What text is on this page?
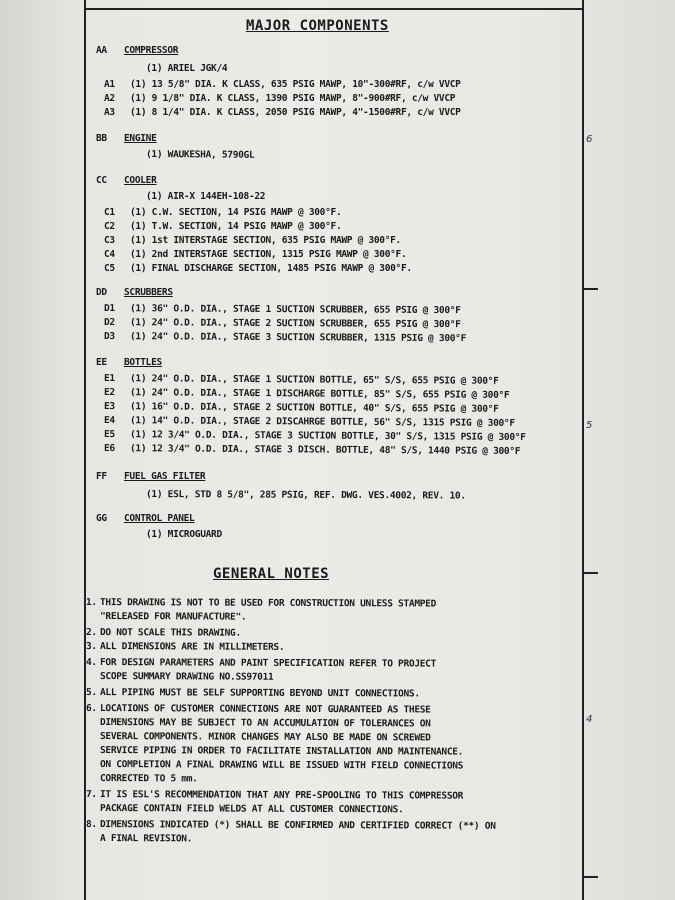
6
5
4
MAJOR COMPONENTS
GENERAL NOTES
AA COMPRESSOR
(1) ARIEL JGK/4
A1 (1) 13 5/8" DIA. K CLASS, 635 PSIG MAWP, 10"-300#RF, c/w VVCP
A2 (1) 9 1/8" DIA. K CLASS, 1390 PSIG MAWP, 8"-900#RF, c/w VVCP
A3 (1) 8 1/4" DIA. K CLASS, 2050 PSIG MAWP, 4"-1500#RF, c/w VVCP
BB ENGINE
(1) WAUKESHA, 5790GL
CC COOLER
(1) AIR-X 144EH-108-22
C1 (1) C.W. SECTION, 14 PSIG MAWP @ 300°F.
C2 (1) T.W. SECTION, 14 PSIG MAWP @ 300°F.
C3 (1) 1st INTERSTAGE SECTION, 635 PSIG MAWP @ 300°F.
C4 (1) 2nd INTERSTAGE SECTION, 1315 PSIG MAWP @ 300°F.
C5 (1) FINAL DISCHARGE SECTION, 1485 PSIG MAWP @ 300°F.
DD SCRUBBERS
D1 (1) 36" O.D. DIA., STAGE 1 SUCTION SCRUBBER, 655 PSIG @ 300°F
D2 (1) 24" O.D. DIA., STAGE 2 SUCTION SCRUBBER, 655 PSIG @ 300°F
D3 (1) 24" O.D. DIA., STAGE 3 SUCTION SCRUBBER, 1315 PSIG @ 300°F
EE BOTTLES
E1 (1) 24" O.D. DIA., STAGE 1 SUCTION BOTTLE, 65" S/S, 655 PSIG @ 300°F
E2 (1) 24" O.D. DIA., STAGE 1 DISCHARGE BOTTLE, 85" S/S, 655 PSIG @ 300°F
E3 (1) 16" O.D. DIA., STAGE 2 SUCTION BOTTLE, 40" S/S, 655 PSIG @ 300°F
E4 (1) 14" O.D. DIA., STAGE 2 DISCAHRGE BOTTLE, 56" S/S, 1315 PSIG @ 300°F
E5 (1) 12 3/4" O.D. DIA., STAGE 3 SUCTION BOTTLE, 30" S/S, 1315 PSIG @ 300°F
E6 (1) 12 3/4" O.D. DIA., STAGE 3 DISCH. BOTTLE, 48" S/S, 1440 PSIG @ 300°F
FF FUEL GAS FILTER
(1) ESL, STD 8 5/8", 285 PSIG, REF. DWG. VES.4002, REV. 10.
GG CONTROL PANEL
(1) MICROGUARD
1. THIS DRAWING IS NOT TO BE USED FOR CONSTRUCTION UNLESS STAMPED
"RELEASED FOR MANUFACTURE".
2. DO NOT SCALE THIS DRAWING.
3. ALL DIMENSIONS ARE IN MILLIMETERS.
4. FOR DESIGN PARAMETERS AND PAINT SPECIFICATION REFER TO PROJECT
SCOPE SUMMARY DRAWING NO.SS97011
5. ALL PIPING MUST BE SELF SUPPORTING BEYOND UNIT CONNECTIONS.
6. LOCATIONS OF CUSTOMER CONNECTIONS ARE NOT GUARANTEED AS THESE
DIMENSIONS MAY BE SUBJECT TO AN ACCUMULATION OF TOLERANCES ON
SEVERAL COMPONENTS. MINOR CHANGES MAY ALSO BE MADE ON SCREWED
SERVICE PIPING IN ORDER TO FACILITATE INSTALLATION AND MAINTENANCE.
ON COMPLETION A FINAL DRAWING WILL BE ISSUED WITH FIELD CONNECTIONS
CORRECTED TO 5 mm.
7. IT IS ESL'S RECOMMENDATION THAT ANY PRE-SPOOLING TO THIS COMPRESSOR
PACKAGE CONTAIN FIELD WELDS AT ALL CUSTOMER CONNECTIONS.
8. DIMENSIONS INDICATED (*) SHALL BE CONFIRMED AND CERTIFIED CORRECT (**) ON
A FINAL REVISION.
